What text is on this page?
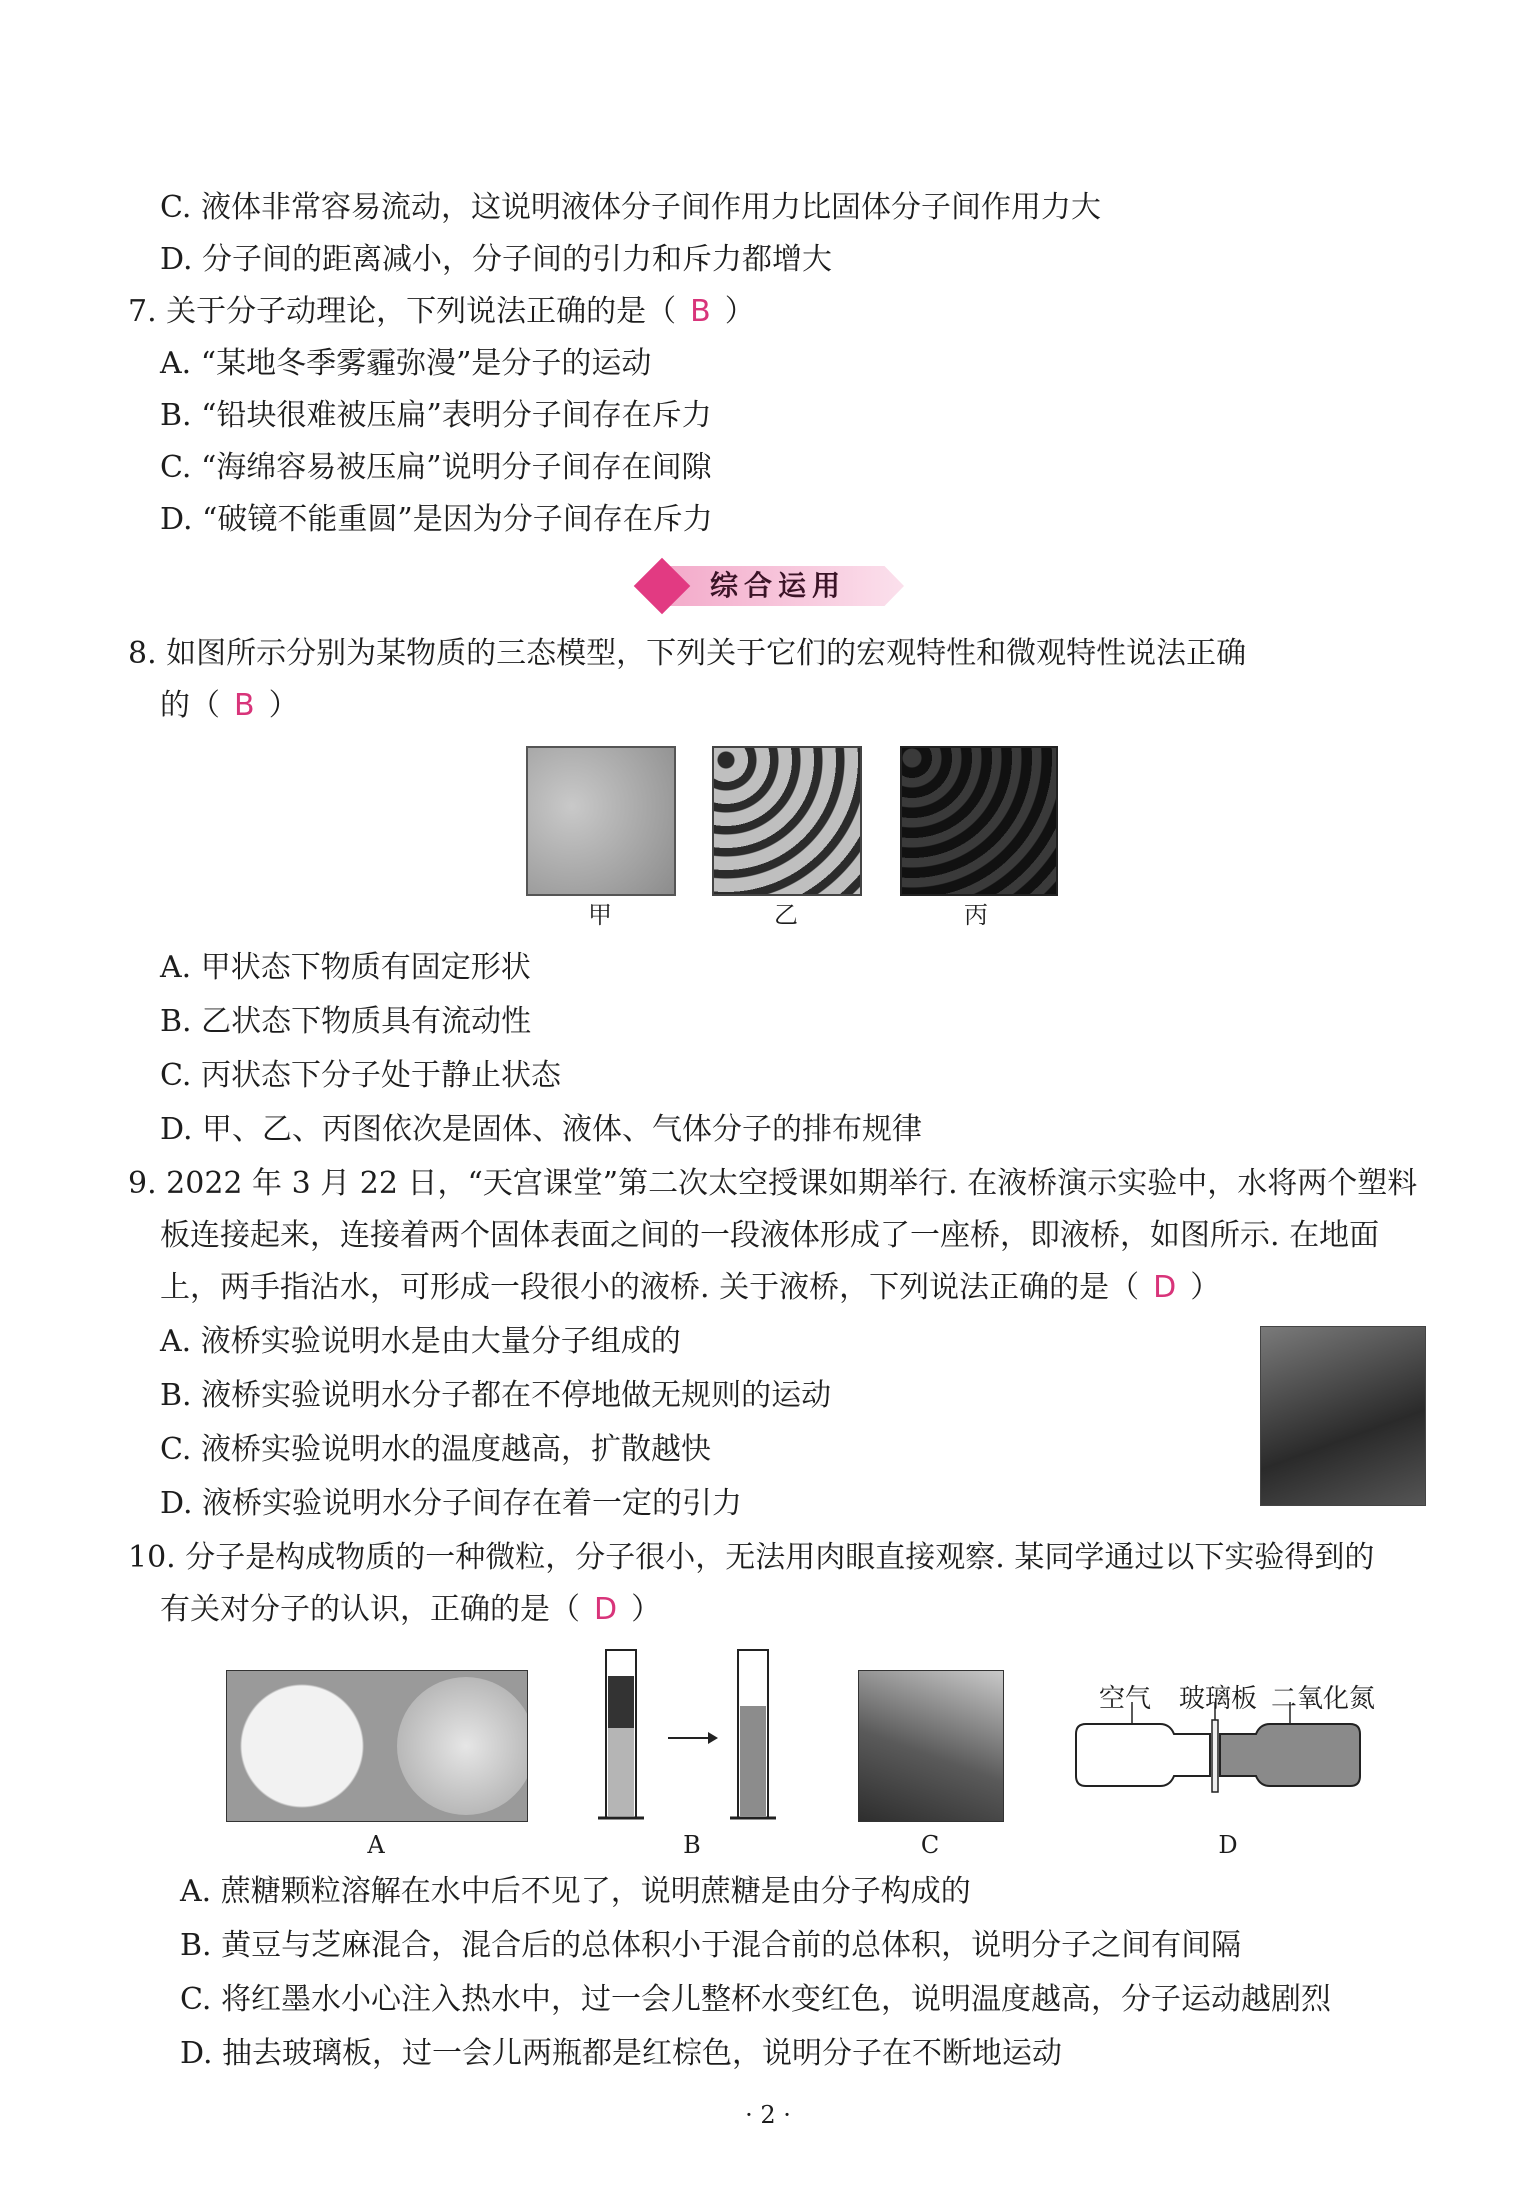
C. 液体非常容易流动，这说明液体分子间作用力比固体分子间作用力大
D. 分子间的距离减小，分子间的引力和斥力都增大
7. 关于分子动理论，下列说法正确的是（ B ）
A. “某地冬季雾霾弥漫”是分子的运动
B. “铅块很难被压扁”表明分子间存在斥力
C. “海绵容易被压扁”说明分子间存在间隙
D. “破镜不能重圆”是因为分子间存在斥力
综合运用
8. 如图所示分别为某物质的三态模型，下列关于它们的宏观特性和微观特性说法正确
的（ B ）
甲	乙	丙
A. 甲状态下物质有固定形状
B. 乙状态下物质具有流动性
C. 丙状态下分子处于静止状态
D. 甲、乙、丙图依次是固体、液体、气体分子的排布规律
9. 2022 年 3 月 22 日，“天宫课堂”第二次太空授课如期举行. 在液桥演示实验中，水将两个塑料
板连接起来，连接着两个固体表面之间的一段液体形成了一座桥，即液桥，如图所示. 在地面
上，两手指沾水，可形成一段很小的液桥. 关于液桥，下列说法正确的是（ D ）
A. 液桥实验说明水是由大量分子组成的
B. 液桥实验说明水分子都在不停地做无规则的运动
C. 液桥实验说明水的温度越高，扩散越快
D. 液桥实验说明水分子间存在着一定的引力
10. 分子是构成物质的一种微粒，分子很小，无法用肉眼直接观察. 某同学通过以下实验得到的
有关对分子的认识，正确的是（ D ）
空气	玻璃板 二氧化氮
A	B	C	D
A. 蔗糖颗粒溶解在水中后不见了，说明蔗糖是由分子构成的
B. 黄豆与芝麻混合，混合后的总体积小于混合前的总体积，说明分子之间有间隔
C. 将红墨水小心注入热水中，过一会儿整杯水变红色，说明温度越高，分子运动越剧烈
D. 抽去玻璃板，过一会儿两瓶都是红棕色，说明分子在不断地运动
· 2 ·
